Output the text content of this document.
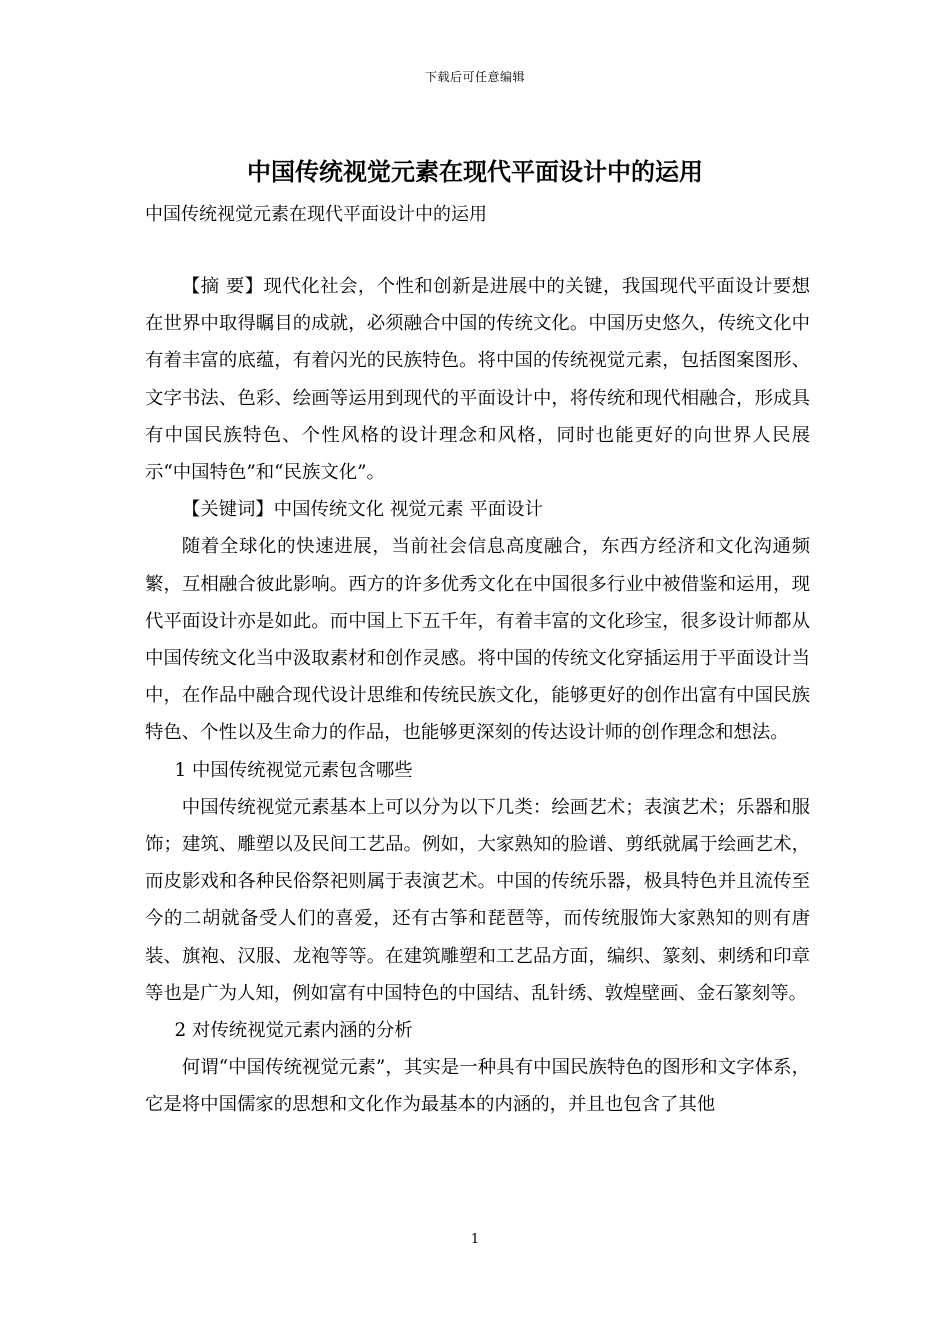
下载后可任意编辑
中国传统视觉元素在现代平面设计中的运用
中国传统视觉元素在现代平面设计中的运用

【摘 要】现代化社会，个性和创新是进展中的关键，我国现代平面设计要想在世界中取得瞩目的成就，必须融合中国的传统文化。中国历史悠久，传统文化中有着丰富的底蕴，有着闪光的民族特色。将中国的传统视觉元素，包括图案图形、文字书法、色彩、绘画等运用到现代的平面设计中，将传统和现代相融合，形成具有中国民族特色、个性风格的设计理念和风格，同时也能更好的向世界人民展示“中国特色”和“民族文化”。

【关键词】中国传统文化 视觉元素 平面设计

随着全球化的快速进展，当前社会信息高度融合，东西方经济和文化沟通频繁，互相融合彼此影响。西方的许多优秀文化在中国很多行业中被借鉴和运用，现代平面设计亦是如此。而中国上下五千年，有着丰富的文化珍宝，很多设计师都从中国传统文化当中汲取素材和创作灵感。将中国的传统文化穿插运用于平面设计当中，在作品中融合现代设计思维和传统民族文化，能够更好的创作出富有中国民族特色、个性以及生命力的作品，也能够更深刻的传达设计师的创作理念和想法。

1 中国传统视觉元素包含哪些

中国传统视觉元素基本上可以分为以下几类：绘画艺术；表演艺术；乐器和服饰；建筑、雕塑以及民间工艺品。例如，大家熟知的脸谱、剪纸就属于绘画艺术，而皮影戏和各种民俗祭祀则属于表演艺术。中国的传统乐器，极具特色并且流传至今的二胡就备受人们的喜爱，还有古筝和琵琶等，而传统服饰大家熟知的则有唐装、旗袍、汉服、龙袍等等。在建筑雕塑和工艺品方面，编织、篆刻、刺绣和印章等也是广为人知，例如富有中国特色的中国结、乱针绣、敦煌壁画、金石篆刻等。

2 对传统视觉元素内涵的分析

何谓“中国传统视觉元素”，其实是一种具有中国民族特色的图形和文字体系，它是将中国儒家的思想和文化作为最基本的内涵的，并且也包含了其他

1
